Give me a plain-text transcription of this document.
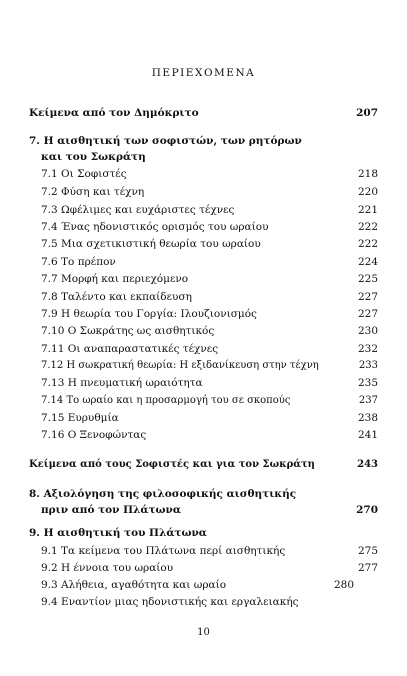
ΠΕΡΙΕΧΟΜΕΝΑ
Κείμενα από τον Δημόκριτο	207
7. Η αισθητική των σοφιστών, των ρητόρων
και του Σωκράτη
7.1 Οι Σοφιστές	218
7.2 Φύση και τέχνη	220
7.3 Ωφέλιμες και ευχάριστες τέχνες	221
7.4 Ένας ηδονιστικός ορισμός του ωραίου	222
7.5 Μια σχετικιστική θεωρία του ωραίου	222
7.6 Το πρέπον	224
7.7 Μορφή και περιεχόμενο	225
7.8 Ταλέντο και εκπαίδευση	227
7.9 Η θεωρία του Γοργία: Ιλουζιονισμός	227
7.10 Ο Σωκράτης ως αισθητικός	230
7.11 Οι αναπαραστατικές τέχνες	232
7.12 Η σωκρατική θεωρία: Η εξιδανίκευση στην τέχνη	233
7.13 Η πνευματική ωραιότητα	235
7.14 Το ωραίο και η προσαρμογή του σε σκοπούς	237
7.15 Ευρυθμία	238
7.16 Ο Ξενοφώντας	241
Κείμενα από τους Σοφιστές και για τον Σωκράτη	243
8. Αξιολόγηση της φιλοσοφικής αισθητικής
πριν από τον Πλάτωνα	270
9. Η αισθητική του Πλάτωνα
9.1 Τα κείμενα του Πλάτωνα περί αισθητικής	275
9.2 Η έννοια του ωραίου	277
9.3 Αλήθεια, αγαθότητα και ωραίο	280
9.4 Εναντίον μιας ηδονιστικής και εργαλειακής
10
